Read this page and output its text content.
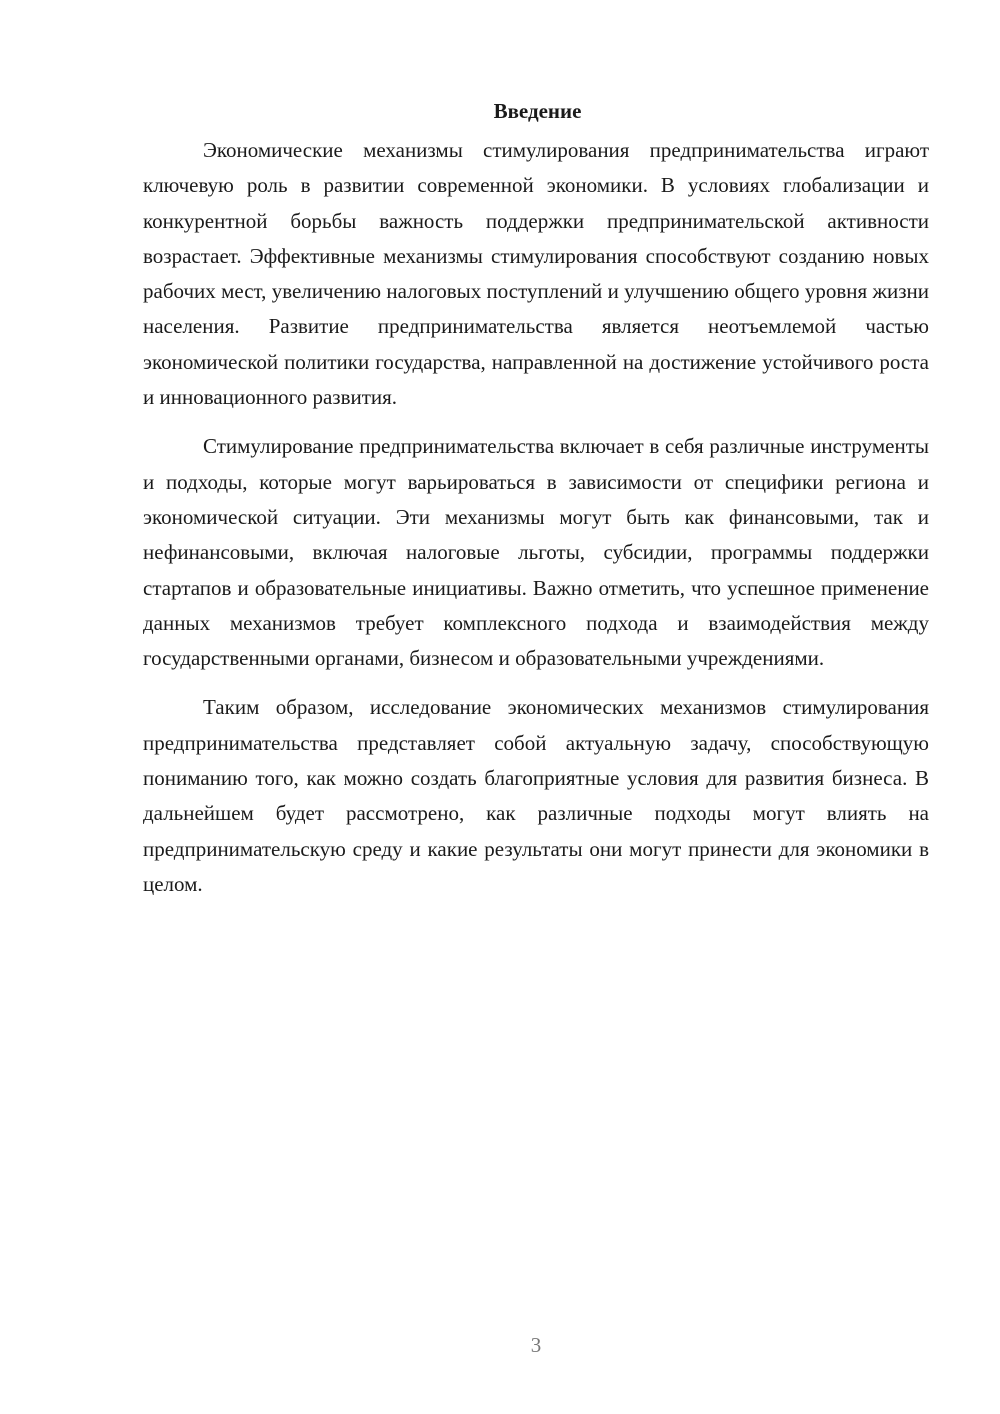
Введение

Экономические механизмы стимулирования предпринимательства играют ключевую роль в развитии современной экономики. В условиях глобализации и конкурентной борьбы важность поддержки предпринимательской активности возрастает. Эффективные механизмы стимулирования способствуют созданию новых рабочих мест, увеличению налоговых поступлений и улучшению общего уровня жизни населения. Развитие предпринимательства является неотъемлемой частью экономической политики государства, направленной на достижение устойчивого роста и инновационного развития.

Стимулирование предпринимательства включает в себя различные инструменты и подходы, которые могут варьироваться в зависимости от специфики региона и экономической ситуации. Эти механизмы могут быть как финансовыми, так и нефинансовыми, включая налоговые льготы, субсидии, программы поддержки стартапов и образовательные инициативы. Важно отметить, что успешное применение данных механизмов требует комплексного подхода и взаимодействия между государственными органами, бизнесом и образовательными учреждениями.

Таким образом, исследование экономических механизмов стимулирования предпринимательства представляет собой актуальную задачу, способствующую пониманию того, как можно создать благоприятные условия для развития бизнеса. В дальнейшем будет рассмотрено, как различные подходы могут влиять на предпринимательскую среду и какие результаты они могут принести для экономики в целом.

3
